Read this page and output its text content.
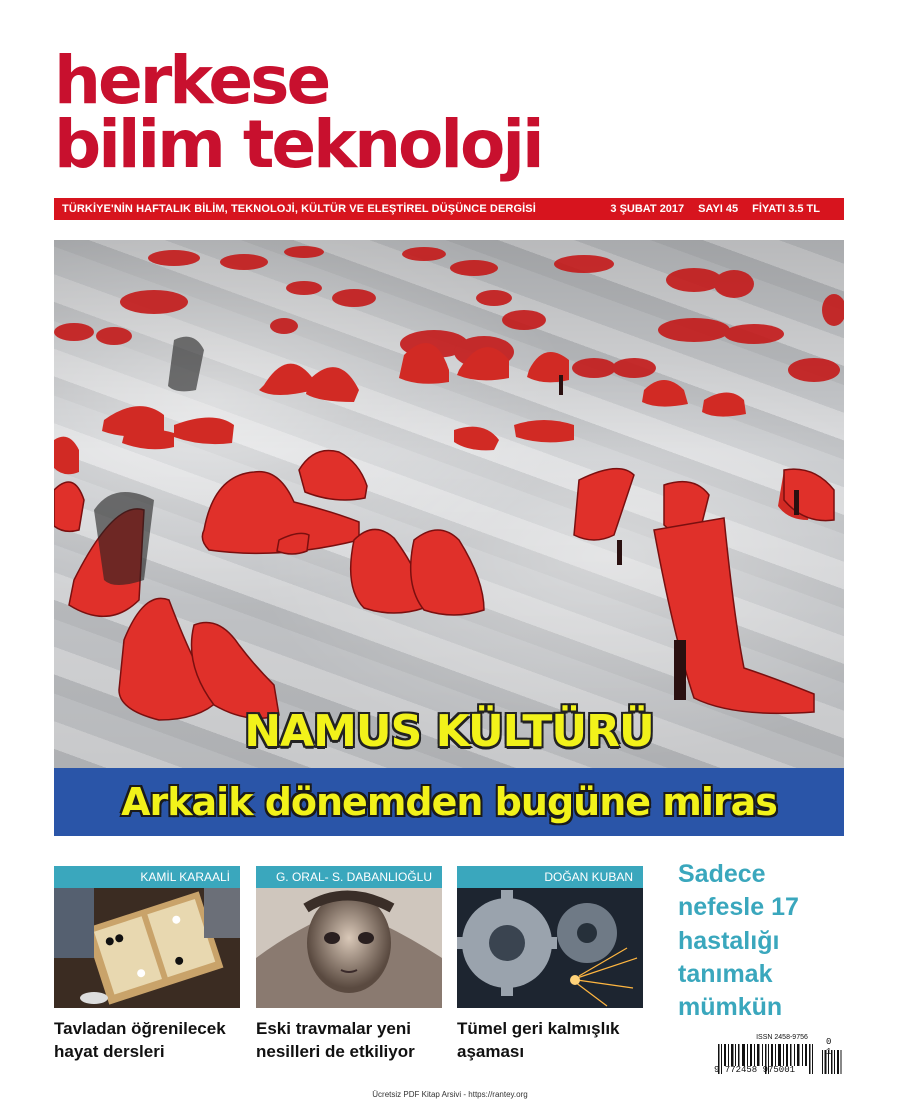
herkese
bilim teknoloji
TÜRKİYE'NİN HAFTALIK BİLİM, TEKNOLOJİ, KÜLTÜR VE ELEŞTİREL DÜŞÜNCE DERGİSİ	3 ŞUBAT 2017 SAYI 45 FİYATI 3.5 TL
NAMUS KÜLTÜRÜ
Arkaik dönemden bugüne miras
KAMİL KARAALİ
Tavladan öğrenilecek hayat dersleri
G. ORAL- S. DABANLIOĞLU
Eski travmalar yeni nesilleri de etkiliyor
DOĞAN KUBAN
Tümel geri kalmışlık aşaması
Sadece nefesle 17 hastalığı tanımak mümkün
ISSN 2458-9756
9 772458 975001
0 1
Ücretsiz PDF Kitap Arsivi - https://rantey.org
